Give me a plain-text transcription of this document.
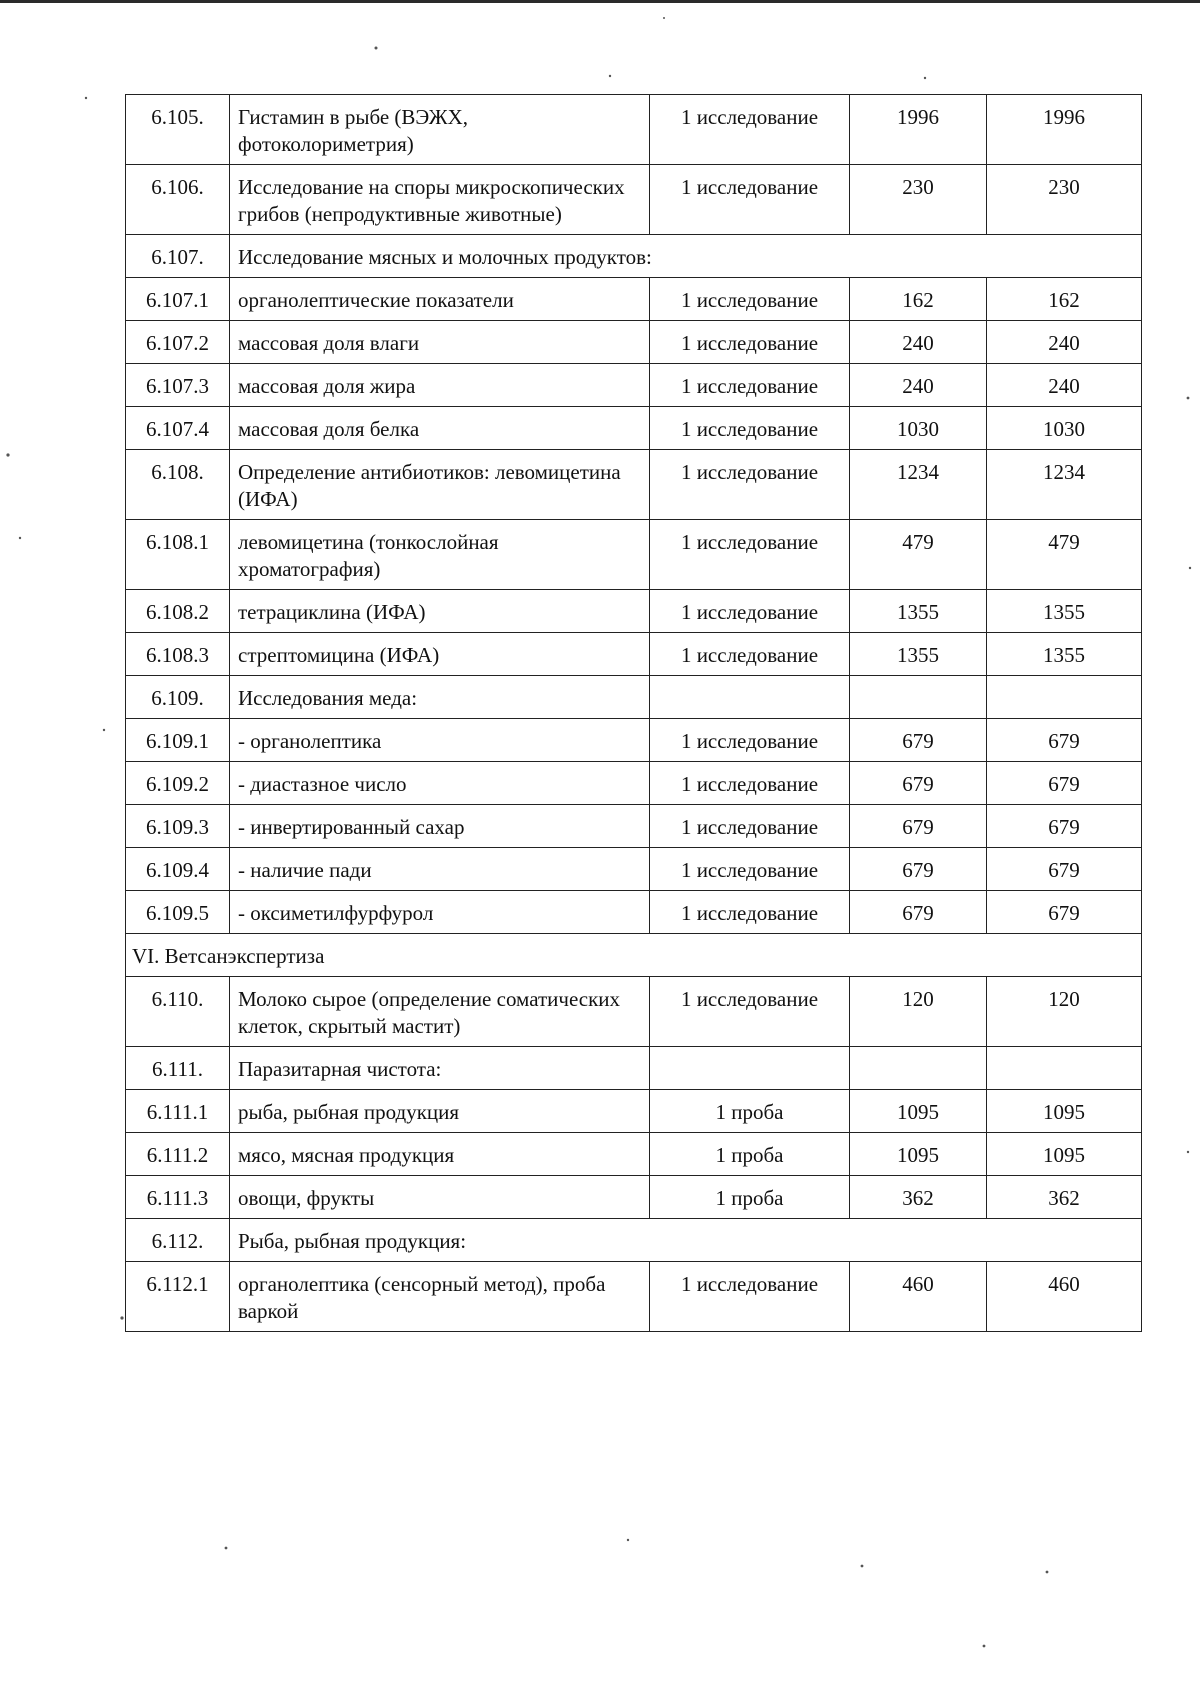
6.105.	Гистамин в рыбе (ВЭЖХ, фотоколориметрия)	1 исследование	1996	1996
6.106.	Исследование на споры микроскопических грибов (непродуктивные животные)	1 исследование	230	230
6.107.	Исследование мясных и молочных продуктов:			
6.107.1	органолептические показатели	1 исследование	162	162
6.107.2	массовая доля влаги	1 исследование	240	240
6.107.3	массовая доля жира	1 исследование	240	240
6.107.4	массовая доля белка	1 исследование	1030	1030
6.108.	Определение антибиотиков: левомицетина (ИФА)	1 исследование	1234	1234
6.108.1	левомицетина (тонкослойная хроматография)	1 исследование	479	479
6.108.2	тетрациклина (ИФА)	1 исследование	1355	1355
6.108.3	стрептомицина (ИФА)	1 исследование	1355	1355
6.109.	Исследования меда:			
6.109.1	- органолептика	1 исследование	679	679
6.109.2	- диастазное число	1 исследование	679	679
6.109.3	- инвертированный сахар	1 исследование	679	679
6.109.4	- наличие пади	1 исследование	679	679
6.109.5	- оксиметилфурфурол	1 исследование	679	679
VI. Ветсанэкспертиза				
6.110.	Молоко сырое (определение соматических клеток, скрытый мастит)	1 исследование	120	120
6.111.	Паразитарная чистота:			
6.111.1	рыба, рыбная продукция	1 проба	1095	1095
6.111.2	мясо, мясная продукция	1 проба	1095	1095
6.111.3	овощи, фрукты	1 проба	362	362
6.112.	Рыба, рыбная продукция:			
6.112.1	органолептика (сенсорный метод), проба варкой	1 исследование	460	460
